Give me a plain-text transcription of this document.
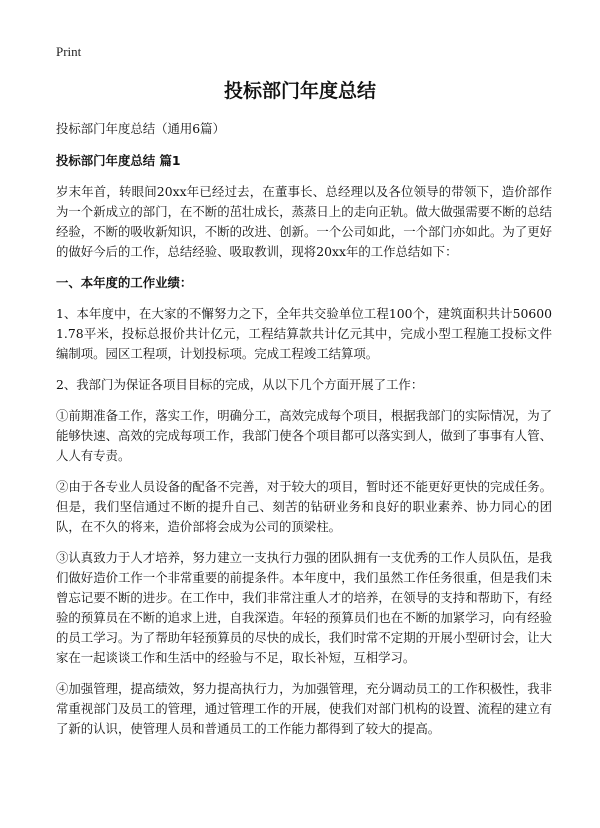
Print
投标部门年度总结

投标部门年度总结（通用6篇）

投标部门年度总结 篇1

岁末年首，转眼间20xx年已经过去，在董事长、总经理以及各位领导的带领下，造价部作为一个新成立的部门，在不断的茁壮成长，蒸蒸日上的走向正轨。做大做强需要不断的总结经验，不断的吸收新知识，不断的改进、创新。一个公司如此，一个部门亦如此。为了更好的做好今后的工作，总结经验、吸取教训，现将20xx年的工作总结如下：

一、本年度的工作业绩：

1、本年度中，在大家的不懈努力之下，全年共交验单位工程100个，建筑面积共计506001.78平米，投标总报价共计亿元，工程结算款共计亿元其中，完成小型工程施工投标文件编制项。园区工程项，计划投标项。完成工程竣工结算项。

2、我部门为保证各项目目标的完成，从以下几个方面开展了工作：

①前期准备工作，落实工作，明确分工，高效完成每个项目，根据我部门的实际情况，为了能够快速、高效的完成每项工作，我部门使各个项目都可以落实到人，做到了事事有人管、人人有专责。

②由于各专业人员设备的配备不完善，对于较大的项目，暂时还不能更好更快的完成任务。但是，我们坚信通过不断的提升自己、刻苦的钻研业务和良好的职业素养、协力同心的团队，在不久的将来，造价部将会成为公司的顶梁柱。

③认真致力于人才培养，努力建立一支执行力强的团队拥有一支优秀的工作人员队伍，是我们做好造价工作一个非常重要的前提条件。本年度中，我们虽然工作任务很重，但是我们未曾忘记要不断的进步。在工作中，我们非常注重人才的培养，在领导的支持和帮助下，有经验的预算员在不断的追求上进，自我深造。年轻的预算员们也在不断的加紧学习，向有经验的员工学习。为了帮助年轻预算员的尽快的成长，我们时常不定期的开展小型研讨会，让大家在一起谈谈工作和生活中的经验与不足，取长补短，互相学习。

④加强管理，提高绩效，努力提高执行力，为加强管理，充分调动员工的工作积极性，我非常重视部门及员工的管理，通过管理工作的开展，使我们对部门机构的设置、流程的建立有了新的认识，使管理人员和普通员工的工作能力都得到了较大的提高。
